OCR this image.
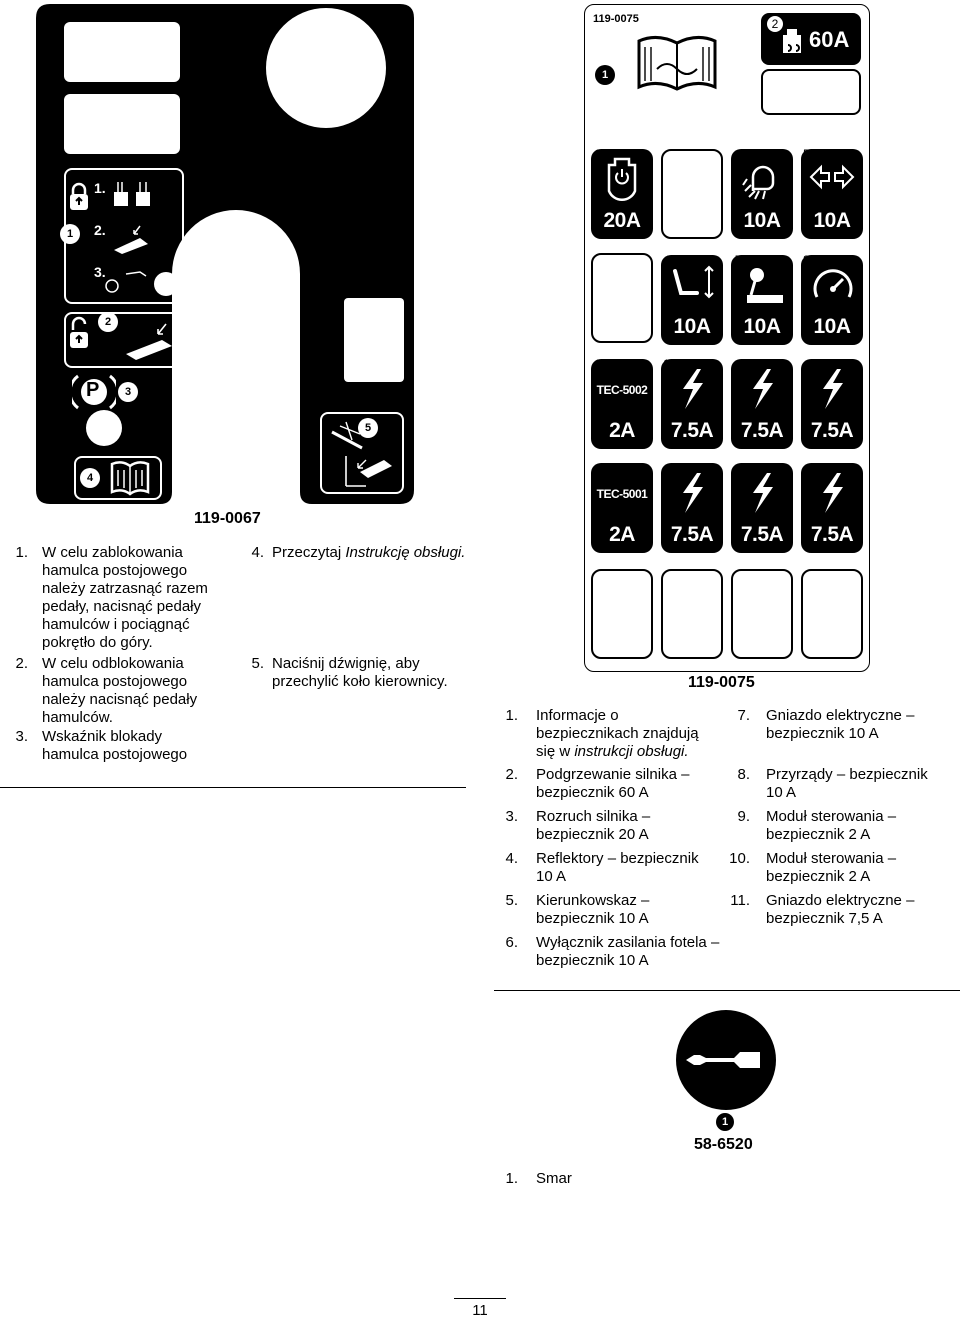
1
1.
2.
3.
2
P	3
4
5
119-0067
1. W celu zablokowania hamulca postojowego należy zatrzasnąć razem pedały, nacisnąć pedały hamulców i pociągnąć pokrętło do góry.
2. W celu odblokowania hamulca postojowego należy nacisnąć pedały hamulców.
3. Wskaźnik blokady hamulca postojowego
4. Przeczytaj Instrukcję obsługi.
5. Naciśnij dźwignię, aby przechylić koło kierownicy.
119-0075
1
2
60A
20A	10A	10A
10A	10A	10A
TEC-5002
2A	7.5A	7.5A	7.5A
TEC-5001
2A	7.5A	7.5A	7.5A
119-0075
1. Informacje o bezpiecznikach znajdują się w instrukcji obsługi.
2. Podgrzewanie silnika – bezpiecznik 60 A
3. Rozruch silnika – bezpiecznik 20 A
4. Reflektory – bezpiecznik 10 A
5. Kierunkowskaz – bezpiecznik 10 A
6. Wyłącznik zasilania fotela – bezpiecznik 10 A
7. Gniazdo elektryczne – bezpiecznik 10 A
8. Przyrządy – bezpiecznik 10 A
9. Moduł sterowania – bezpiecznik 2 A
10. Moduł sterowania – bezpiecznik 2 A
11. Gniazdo elektryczne – bezpiecznik 7,5 A
1
58-6520
1. Smar
11
